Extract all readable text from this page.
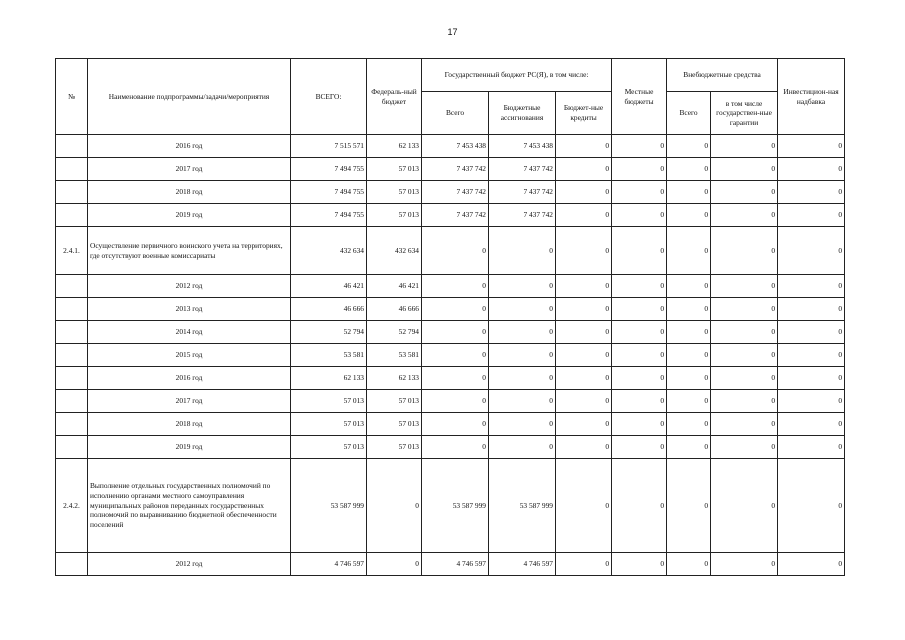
17
№	Наименование подпрограммы/задачи/мероприятия	ВСЕГО:	Федераль-ный бюджет	Государственный бюджет РС(Я), в том числе:			Местные бюджеты	Внебюджетные средства		Инвестицион-ная надбавка
				Всего	Бюджетные ассигнования	Бюджет-ные кредиты		Всего	в том числе государствен-ные гарантии	
	2016 год	7 515 571	62 133	7 453 438	7 453 438	0	0	0	0	0
	2017 год	7 494 755	57 013	7 437 742	7 437 742	0	0	0	0	0
	2018 год	7 494 755	57 013	7 437 742	7 437 742	0	0	0	0	0
	2019 год	7 494 755	57 013	7 437 742	7 437 742	0	0	0	0	0
2.4.1.	Осуществление первичного воинского учета на территориях, где отсутствуют военные комиссариаты	432 634	432 634	0	0	0	0	0	0	0
	2012 год	46 421	46 421	0	0	0	0	0	0	0
	2013 год	46 666	46 666	0	0	0	0	0	0	0
	2014 год	52 794	52 794	0	0	0	0	0	0	0
	2015 год	53 581	53 581	0	0	0	0	0	0	0
	2016 год	62 133	62 133	0	0	0	0	0	0	0
	2017 год	57 013	57 013	0	0	0	0	0	0	0
	2018 год	57 013	57 013	0	0	0	0	0	0	0
	2019 год	57 013	57 013	0	0	0	0	0	0	0
2.4.2.	Выполнение отдельных государственных полномочий по исполнению органами местного самоуправления муниципальных районов переданных государственных полномочий по выравниванию бюджетной обеспеченности поселений	53 587 999	0	53 587 999	53 587 999	0	0	0	0	0
	2012 год	4 746 597	0	4 746 597	4 746 597	0	0	0	0	0
